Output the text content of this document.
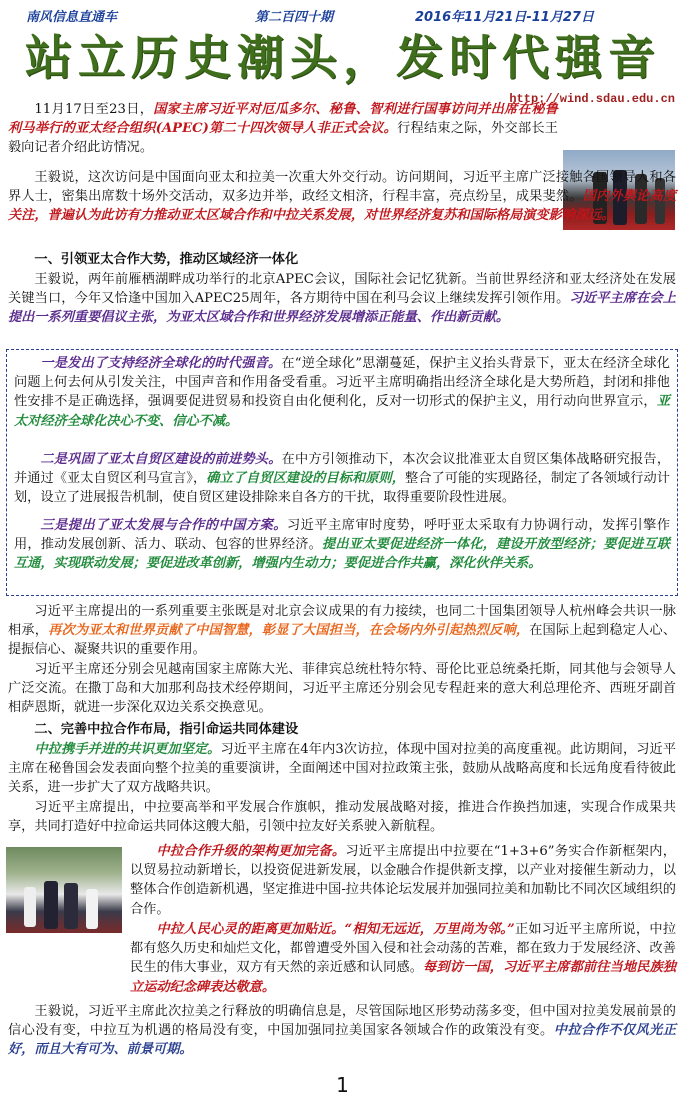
南风信息直通车	第二百四十期	2016年11月21日-11月27日
站立历史潮头，发时代强音
http://wind.sdau.edu.cn
11月17日至23日，国家主席习近平对厄瓜多尔、秘鲁、智利进行国事访问并出席在秘鲁利马举行的亚太经合组织(APEC)第二十四次领导人非正式会议。行程结束之际，外交部长王毅向记者介绍此访情况。
王毅说，这次访问是中国面向亚太和拉美一次重大外交行动。访问期间，习近平主席广泛接触各国领导人和各界人士，密集出席数十场外交活动，双多边并举，政经文相济，行程丰富，亮点纷呈，成果斐然。国内外舆论高度关注，普遍认为此访有力推动亚太区域合作和中拉关系发展，对世界经济复苏和国际格局演变影响深远。
一、引领亚太合作大势，推动区域经济一体化
王毅说，两年前雁栖湖畔成功举行的北京APEC会议，国际社会记忆犹新。当前世界经济和亚太经济处在发展关键当口，今年又恰逢中国加入APEC25周年，各方期待中国在利马会议上继续发挥引领作用。习近平主席在会上提出一系列重要倡议主张，为亚太区域合作和世界经济发展增添正能量、作出新贡献。
一是发出了支持经济全球化的时代强音。在“逆全球化”思潮蔓延，保护主义抬头背景下，亚太在经济全球化问题上何去何从引发关注，中国声音和作用备受看重。习近平主席明确指出经济全球化是大势所趋，封闭和排他性安排不是正确选择，强调要促进贸易和投资自由化便利化，反对一切形式的保护主义，用行动向世界宣示，亚太对经济全球化决心不变、信心不减。
二是巩固了亚太自贸区建设的前进势头。在中方引领推动下，本次会议批准亚太自贸区集体战略研究报告，并通过《亚太自贸区利马宣言》，确立了自贸区建设的目标和原则，整合了可能的实现路径，制定了各领域行动计划，设立了进展报告机制，使自贸区建设排除来自各方的干扰，取得重要阶段性进展。
三是提出了亚太发展与合作的中国方案。习近平主席审时度势，呼吁亚太采取有力协调行动，发挥引擎作用，推动发展创新、活力、联动、包容的世界经济。提出亚太要促进经济一体化，建设开放型经济；要促进互联互通，实现联动发展；要促进改革创新，增强内生动力；要促进合作共赢，深化伙伴关系。
习近平主席提出的一系列重要主张既是对北京会议成果的有力接续，也同二十国集团领导人杭州峰会共识一脉相承，再次为亚太和世界贡献了中国智慧，彰显了大国担当，在会场内外引起热烈反响，在国际上起到稳定人心、提振信心、凝聚共识的重要作用。
习近平主席还分别会见越南国家主席陈大光、菲律宾总统杜特尔特、哥伦比亚总统桑托斯，同其他与会领导人广泛交流。在撒丁岛和大加那利岛技术经停期间，习近平主席还分别会见专程赶来的意大利总理伦齐、西班牙副首相萨恩斯，就进一步深化双边关系交换意见。
二、完善中拉合作布局，指引命运共同体建设
中拉携手并进的共识更加坚定。习近平主席在4年内3次访拉，体现中国对拉美的高度重视。此访期间，习近平主席在秘鲁国会发表面向整个拉美的重要演讲，全面阐述中国对拉政策主张，鼓励从战略高度和长远角度看待彼此关系，进一步扩大了双方战略共识。
习近平主席提出，中拉要高举和平发展合作旗帜，推动发展战略对接，推进合作换挡加速，实现合作成果共享，共同打造好中拉命运共同体这艘大船，引领中拉友好关系驶入新航程。
中拉合作升级的架构更加完备。习近平主席提出中拉要在“1+3+6”务实合作新框架内，以贸易拉动新增长，以投资促进新发展，以金融合作提供新支撑，以产业对接催生新动力，以整体合作创造新机遇，坚定推进中国-拉共体论坛发展并加强同拉美和加勒比不同次区域组织的合作。
中拉人民心灵的距离更加贴近。“相知无远近，万里尚为邻。”正如习近平主席所说，中拉都有悠久历史和灿烂文化，都曾遭受外国入侵和社会动荡的苦难，都在致力于发展经济、改善民生的伟大事业，双方有天然的亲近感和认同感。每到访一国，习近平主席都前往当地民族独立运动纪念碑表达敬意。
王毅说，习近平主席此次拉美之行释放的明确信息是，尽管国际地区形势动荡多变，但中国对拉美发展前景的信心没有变，中拉互为机遇的格局没有变，中国加强同拉美国家各领域合作的政策没有变。中拉合作不仅风光正好，而且大有可为、前景可期。
1
